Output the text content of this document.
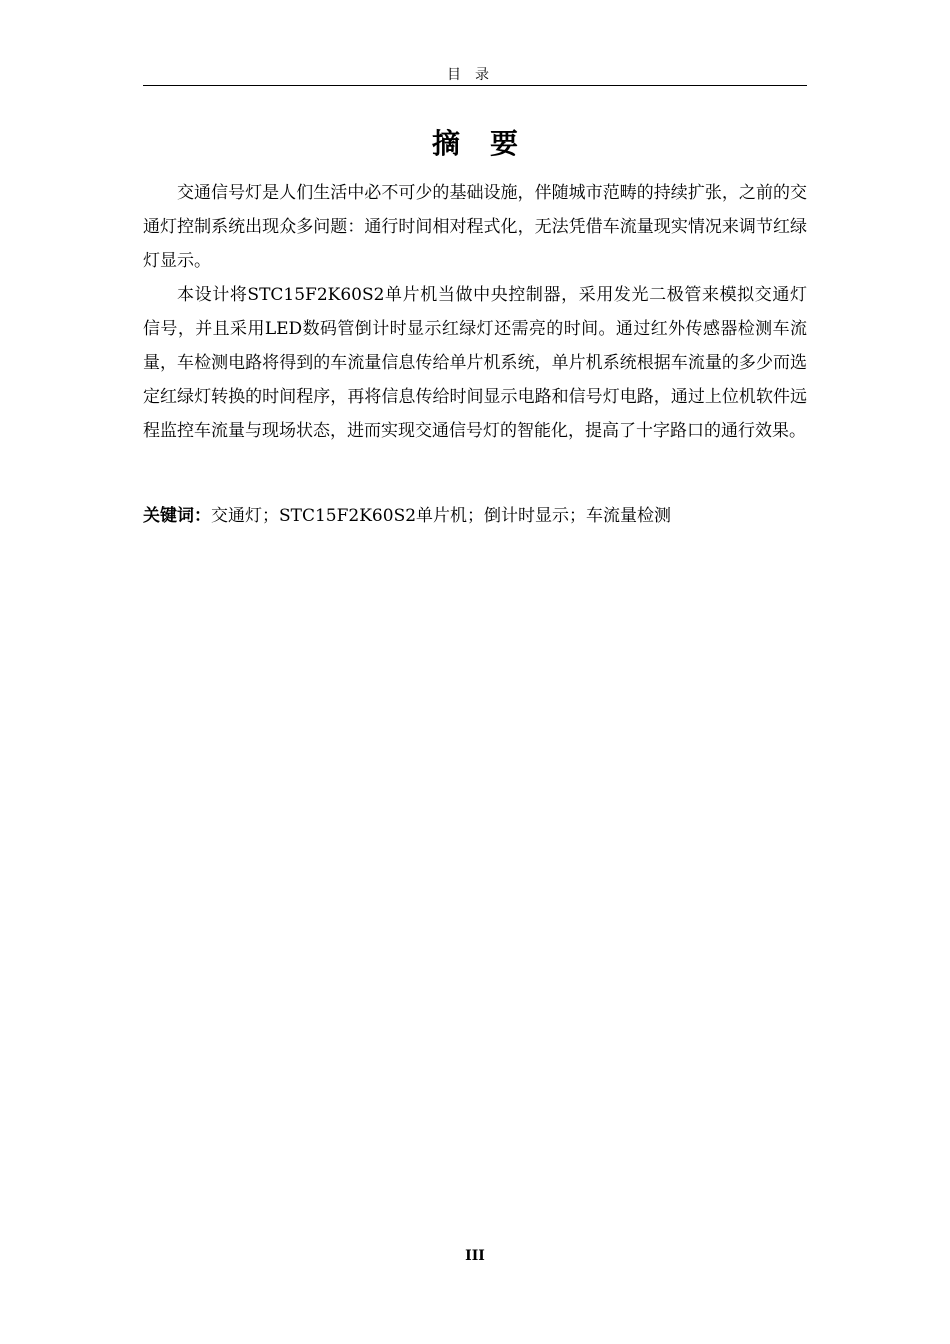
目录
摘要

交通信号灯是人们生活中必不可少的基础设施，伴随城市范畴的持续扩张，之前的交通灯控制系统出现众多问题：通行时间相对程式化，无法凭借车流量现实情况来调节红绿灯显示。

本设计将STC15F2K60S2单片机当做中央控制器，采用发光二极管来模拟交通灯信号，并且采用LED数码管倒计时显示红绿灯还需亮的时间。通过红外传感器检测车流量，车检测电路将得到的车流量信息传给单片机系统，单片机系统根据车流量的多少而选定红绿灯转换的时间程序，再将信息传给时间显示电路和信号灯电路，通过上位机软件远程监控车流量与现场状态，进而实现交通信号灯的智能化，提高了十字路口的通行效果。

关键词：交通灯；STC15F2K60S2单片机；倒计时显示；车流量检测
III
